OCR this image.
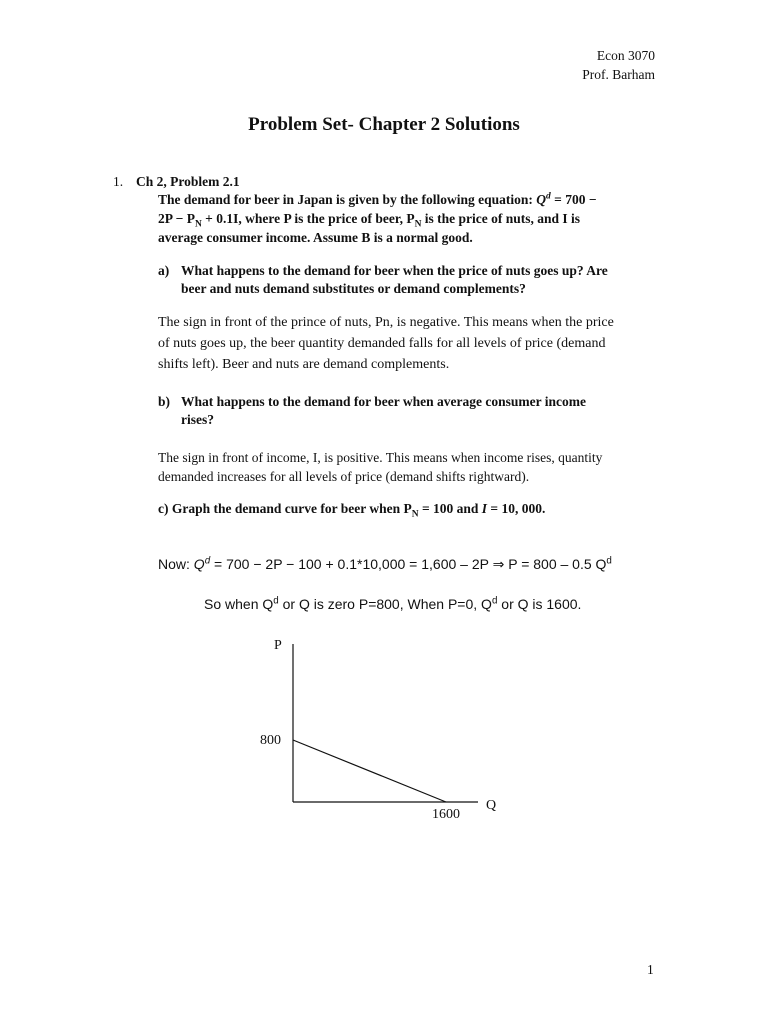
Econ 3070
Prof. Barham
Problem Set- Chapter 2 Solutions
1. Ch 2, Problem 2.1
The demand for beer in Japan is given by the following equation: $Q^d = 700$ −
$2P - P_N + 0.1I$, where P is the price of beer, $P_N$ is the price of nuts, and I is
average consumer income. Assume B is a normal good.
a) What happens to the demand for beer when the price of nuts goes up? Are
beer and nuts demand substitutes or demand complements?
The sign in front of the prince of nuts, Pn, is negative. This means when the price
of nuts goes up, the beer quantity demanded falls for all levels of price (demand
shifts left). Beer and nuts are demand complements.
b) What happens to the demand for beer when average consumer income
rises?
The sign in front of income, I, is positive. This means when income rises, quantity
demanded increases for all levels of price (demand shifts rightward).
c) Graph the demand curve for beer when $P_N = 100$ and I = 10, 000.
Now: $Q^d = 700 - 2P - 100 + 0.1*10,000 = 1,600 - 2P$ ⇒ P = 800 – 0.5 $Q^d$
So when $Q^d$ or Q is zero P=800, When P=0, $Q^d$ or Q is 1600.
P
Q
800
1600
1
